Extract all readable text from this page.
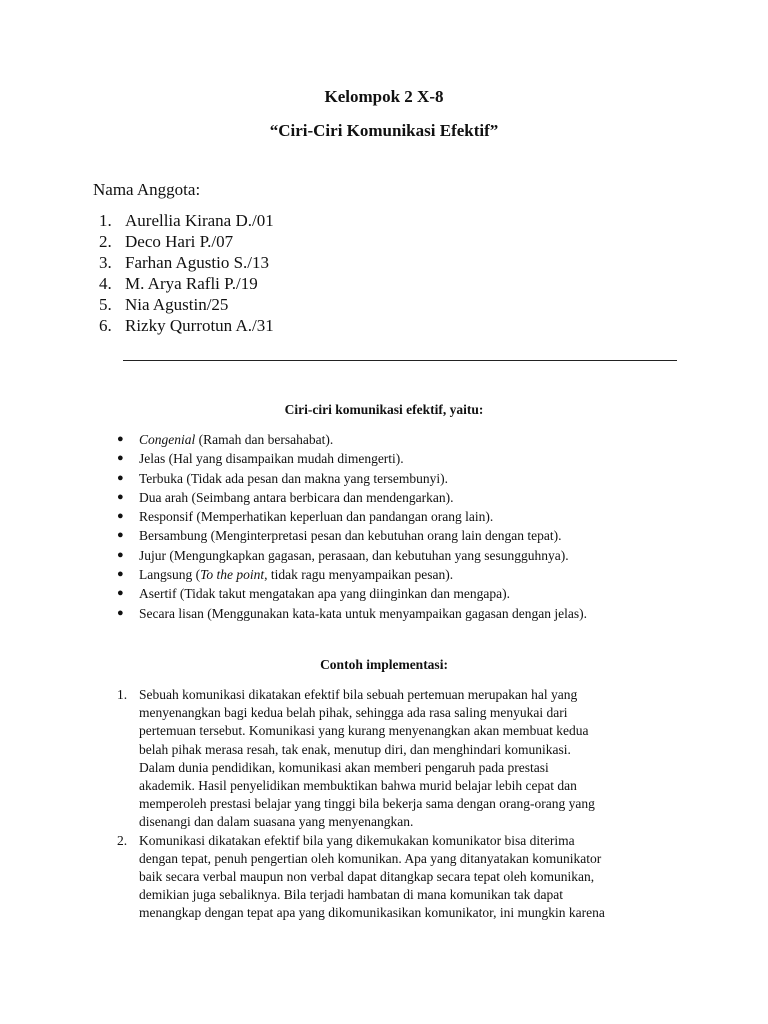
Kelompok 2 X-8
“Ciri-Ciri Komunikasi Efektif”
Nama Anggota:
1. Aurellia Kirana D./01
2. Deco Hari P./07
3. Farhan Agustio S./13
4. M. Arya Rafli P./19
5. Nia Agustin/25
6. Rizky Qurrotun A./31
Ciri-ciri komunikasi efektif, yaitu:
● Congenial (Ramah dan bersahabat).
● Jelas (Hal yang disampaikan mudah dimengerti).
● Terbuka (Tidak ada pesan dan makna yang tersembunyi).
● Dua arah (Seimbang antara berbicara dan mendengarkan).
● Responsif (Memperhatikan keperluan dan pandangan orang lain).
● Bersambung (Menginterpretasi pesan dan kebutuhan orang lain dengan tepat).
● Jujur (Mengungkapkan gagasan, perasaan, dan kebutuhan yang sesungguhnya).
● Langsung (To the point, tidak ragu menyampaikan pesan).
● Asertif (Tidak takut mengatakan apa yang diinginkan dan mengapa).
● Secara lisan (Menggunakan kata-kata untuk menyampaikan gagasan dengan jelas).
Contoh implementasi:
1. Sebuah komunikasi dikatakan efektif bila sebuah pertemuan merupakan hal yang
menyenangkan bagi kedua belah pihak, sehingga ada rasa saling menyukai dari
pertemuan tersebut. Komunikasi yang kurang menyenangkan akan membuat kedua
belah pihak merasa resah, tak enak, menutup diri, dan menghindari komunikasi.
Dalam dunia pendidikan, komunikasi akan memberi pengaruh pada prestasi
akademik. Hasil penyelidikan membuktikan bahwa murid belajar lebih cepat dan
memperoleh prestasi belajar yang tinggi bila bekerja sama dengan orang-orang yang
disenangi dan dalam suasana yang menyenangkan.
2. Komunikasi dikatakan efektif bila yang dikemukakan komunikator bisa diterima
dengan tepat, penuh pengertian oleh komunikan. Apa yang ditanyatakan komunikator
baik secara verbal maupun non verbal dapat ditangkap secara tepat oleh komunikan,
demikian juga sebaliknya. Bila terjadi hambatan di mana komunikan tak dapat
menangkap dengan tepat apa yang dikomunikasikan komunikator, ini mungkin karena
